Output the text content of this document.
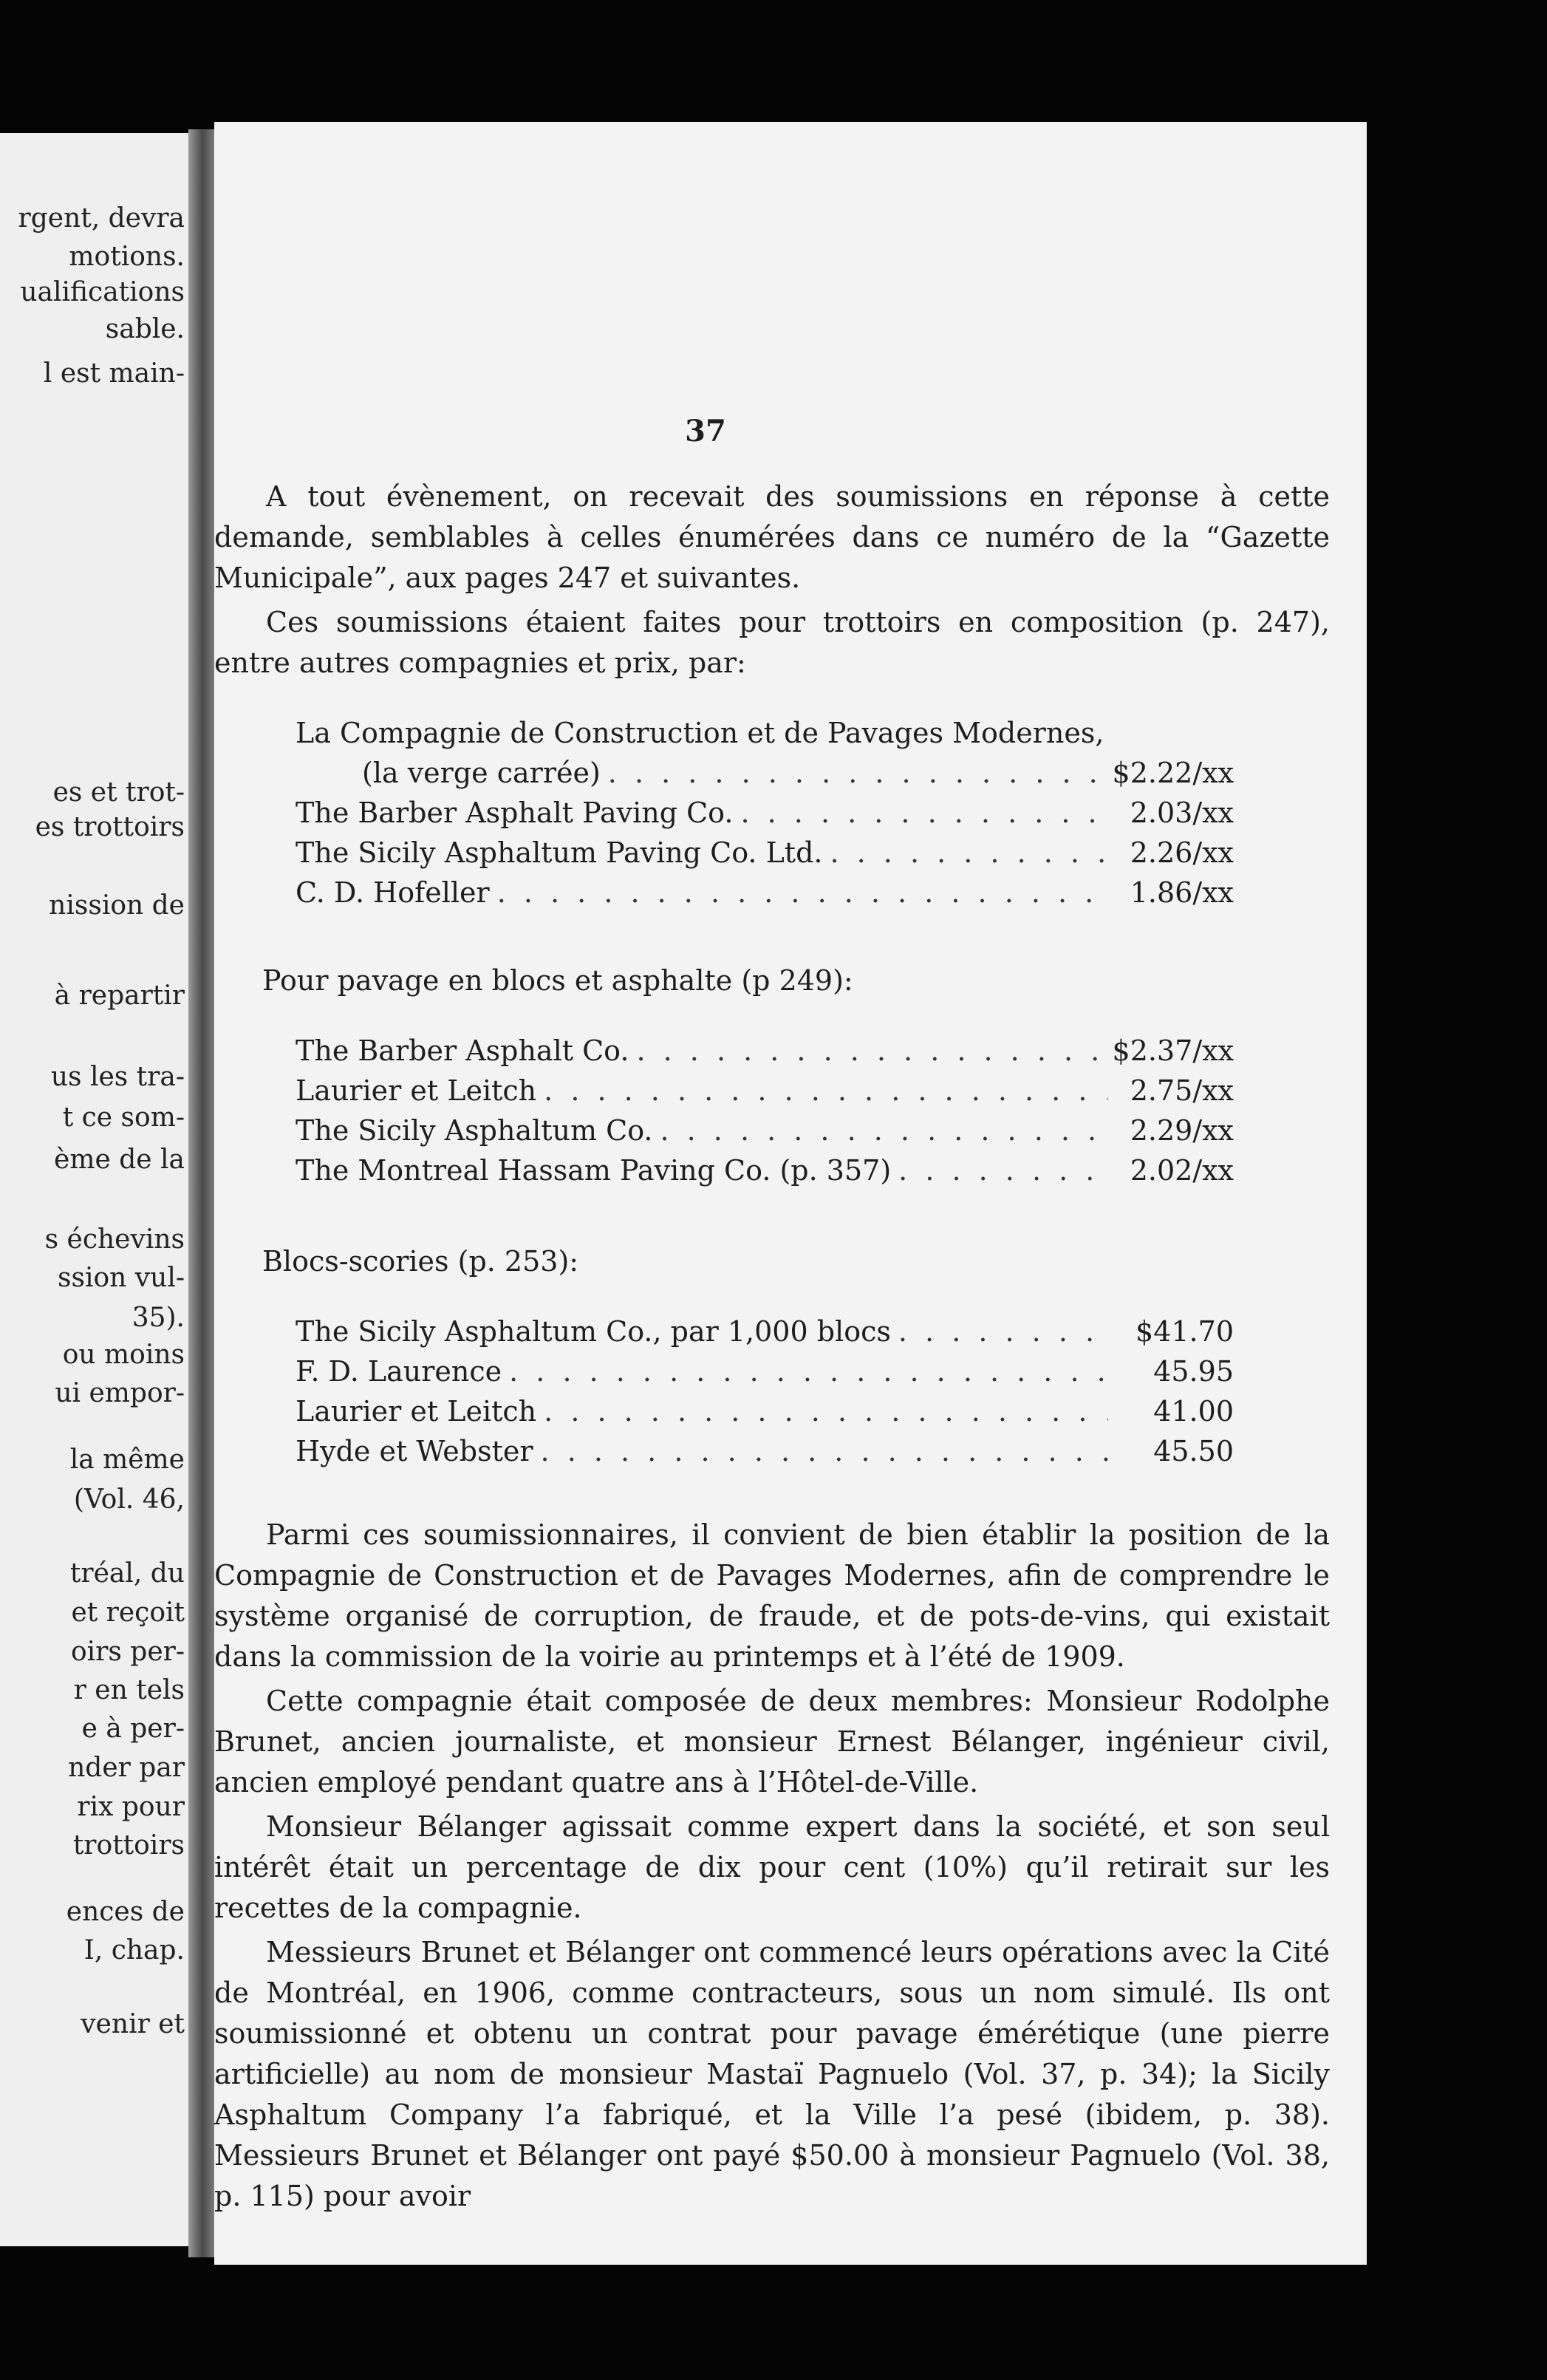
rgent, devra
motions.
ualifications
sable.
l est main-
es et trot-
es trottoirs
nission de
à repartir
us les tra-
t ce som-
ème de la
s échevins
ssion vul-
35).
ou moins
ui empor-
la même
(Vol. 46,
tréal, du
et reçoit
oirs per-
r en tels
e à per-
nder par
rix pour
trottoirs
ences de
I, chap.
venir et
37

A tout évènement, on recevait des soumissions en réponse à cette demande, semblables à celles énumérées dans ce numéro de la “Gazette Municipale”, aux pages 247 et suivantes.

Ces soumissions étaient faites pour trottoirs en composition (p. 247), entre autres compagnies et prix, par:

La Compagnie de Construction et de Pavages Modernes,
(la verge carrée) . . .	$2.22/xx
The Barber Asphalt Paving Co. . . .	2.03/xx
The Sicily Asphaltum Paving Co. Ltd. . . .	2.26/xx
C. D. Hofeller . . .	1.86/xx

Pour pavage en blocs et asphalte (p 249):

The Barber Asphalt Co. . . .	$2.37/xx
Laurier et Leitch . . .	2.75/xx
The Sicily Asphaltum Co. . . .	2.29/xx
The Montreal Hassam Paving Co. (p. 357) . . .	2.02/xx

Blocs-scories (p. 253):

The Sicily Asphaltum Co., par 1,000 blocs . . .	$41.70
F. D. Laurence . . .	45.95
Laurier et Leitch . . .	41.00
Hyde et Webster . . .	45.50

Parmi ces soumissionnaires, il convient de bien établir la position de la Compagnie de Construction et de Pavages Modernes, afin de comprendre le système organisé de corruption, de fraude, et de pots-de-vins, qui existait dans la commission de la voirie au printemps et à l’été de 1909.

Cette compagnie était composée de deux membres: Monsieur Rodolphe Brunet, ancien journaliste, et monsieur Ernest Bélanger, ingénieur civil, ancien employé pendant quatre ans à l’Hôtel-de-Ville.

Monsieur Bélanger agissait comme expert dans la société, et son seul intérêt était un percentage de dix pour cent (10%) qu’il retirait sur les recettes de la compagnie.

Messieurs Brunet et Bélanger ont commencé leurs opérations avec la Cité de Montréal, en 1906, comme contracteurs, sous un nom simulé. Ils ont soumissionné et obtenu un contrat pour pavage émérétique (une pierre artificielle) au nom de monsieur Mastaï Pagnuelo (Vol. 37, p. 34); la Sicily Asphaltum Company l’a fabriqué, et la Ville l’a pesé (ibidem, p. 38). Messieurs Brunet et Bélanger ont payé $50.00 à monsieur Pagnuelo (Vol. 38, p. 115) pour avoir
